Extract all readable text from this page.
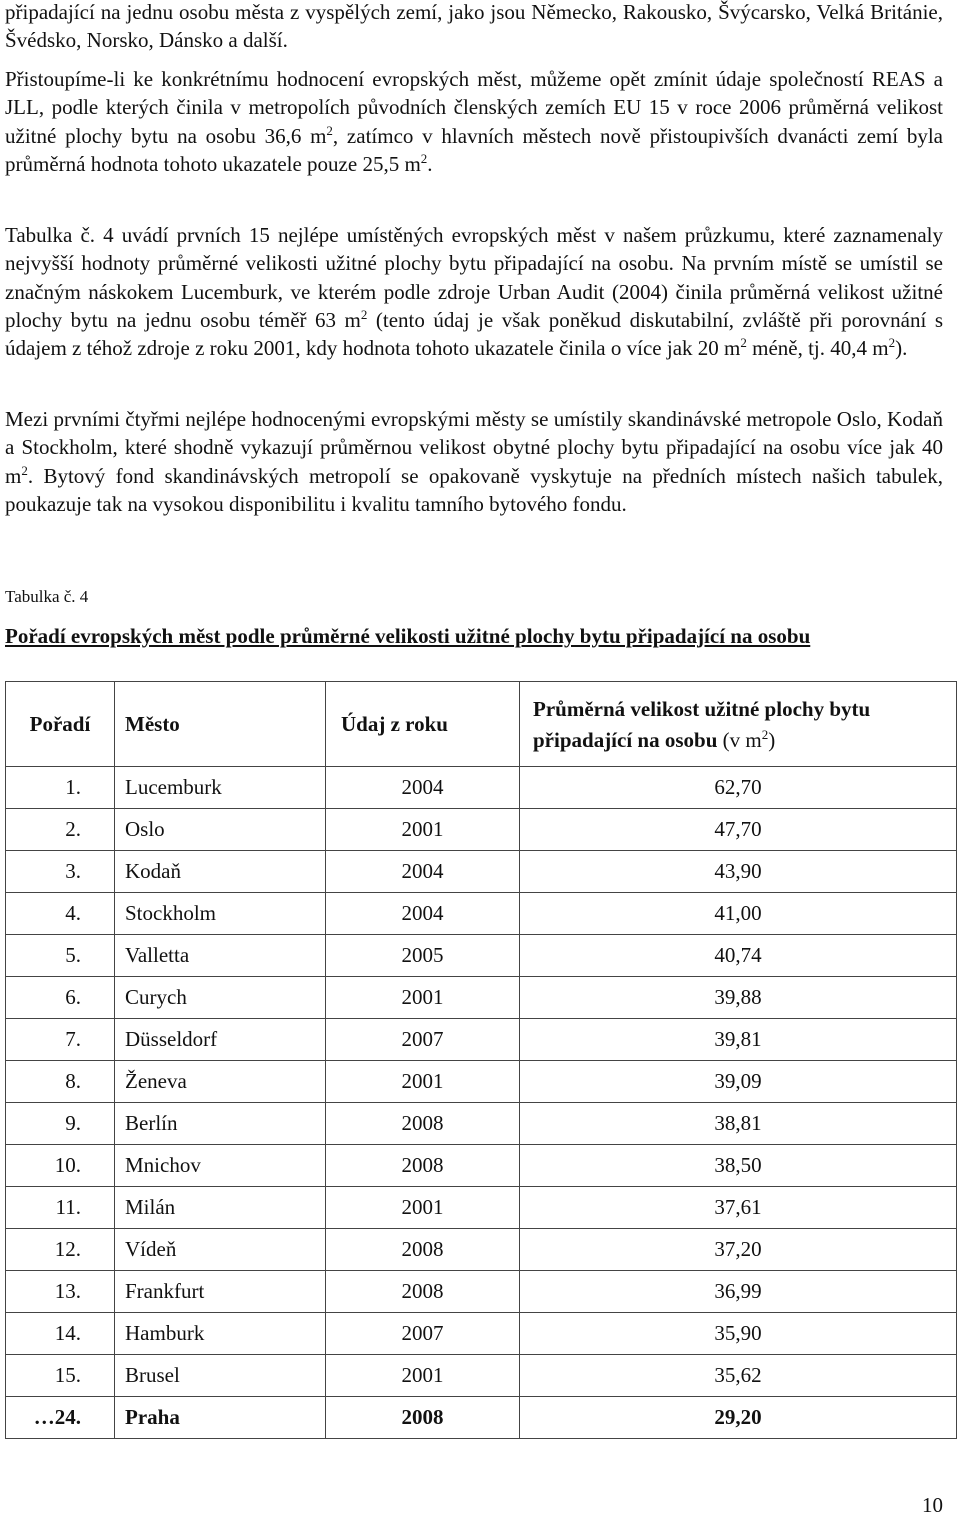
připadající na jednu osobu města z vyspělých zemí, jako jsou Německo, Rakousko, Švýcarsko, Velká Británie, Švédsko, Norsko, Dánsko a další.

Přistoupíme-li ke konkrétnímu hodnocení evropských měst, můžeme opět zmínit údaje společností REAS a JLL, podle kterých činila v metropolích původních členských zemích EU 15 v roce 2006 průměrná velikost užitné plochy bytu na osobu 36,6 $m^2$, zatímco v hlavních městech nově přistoupivších dvanácti zemí byla průměrná hodnota tohoto ukazatele pouze 25,5 $m^2$.

Tabulka č. 4 uvádí prvních 15 nejlépe umístěných evropských měst v našem průzkumu, které zaznamenaly nejvyšší hodnoty průměrné velikosti užitné plochy bytu připadající na osobu. Na prvním místě se umístil se značným náskokem Lucemburk, ve kterém podle zdroje Urban Audit (2004) činila průměrná velikost užitné plochy bytu na jednu osobu téměř 63 $m^2$ (tento údaj je však poněkud diskutabilní, zvláště při porovnání s údajem z téhož zdroje z roku 2001, kdy hodnota tohoto ukazatele činila o více jak 20 $m^2$ méně, tj. 40,4 $m^2$).

Mezi prvními čtyřmi nejlépe hodnocenými evropskými městy se umístily skandinávské metropole Oslo, Kodaň a Stockholm, které shodně vykazují průměrnou velikost obytné plochy bytu připadající na osobu více jak 40 $m^2$. Bytový fond skandinávských metropolí se opakovaně vyskytuje na předních místech našich tabulek, poukazuje tak na vysokou disponibilitu i kvalitu tamního bytového fondu.

Tabulka č. 4

Pořadí evropských měst podle průměrné velikosti užitné plochy bytu připadající na osobu

Pořadí	Město	Údaj z roku	Průměrná velikost užitné plochy bytu připadající na osobu (v $m^2$)
1.	Lucemburk	2004	62,70
2.	Oslo	2001	47,70
3.	Kodaň	2004	43,90
4.	Stockholm	2004	41,00
5.	Valletta	2005	40,74
6.	Curych	2001	39,88
7.	Düsseldorf	2007	39,81
8.	Ženeva	2001	39,09
9.	Berlín	2008	38,81
10.	Mnichov	2008	38,50
11.	Milán	2001	37,61
12.	Vídeň	2008	37,20
13.	Frankfurt	2008	36,99
14.	Hamburk	2007	35,90
15.	Brusel	2001	35,62
…24.	Praha	2008	29,20

10
